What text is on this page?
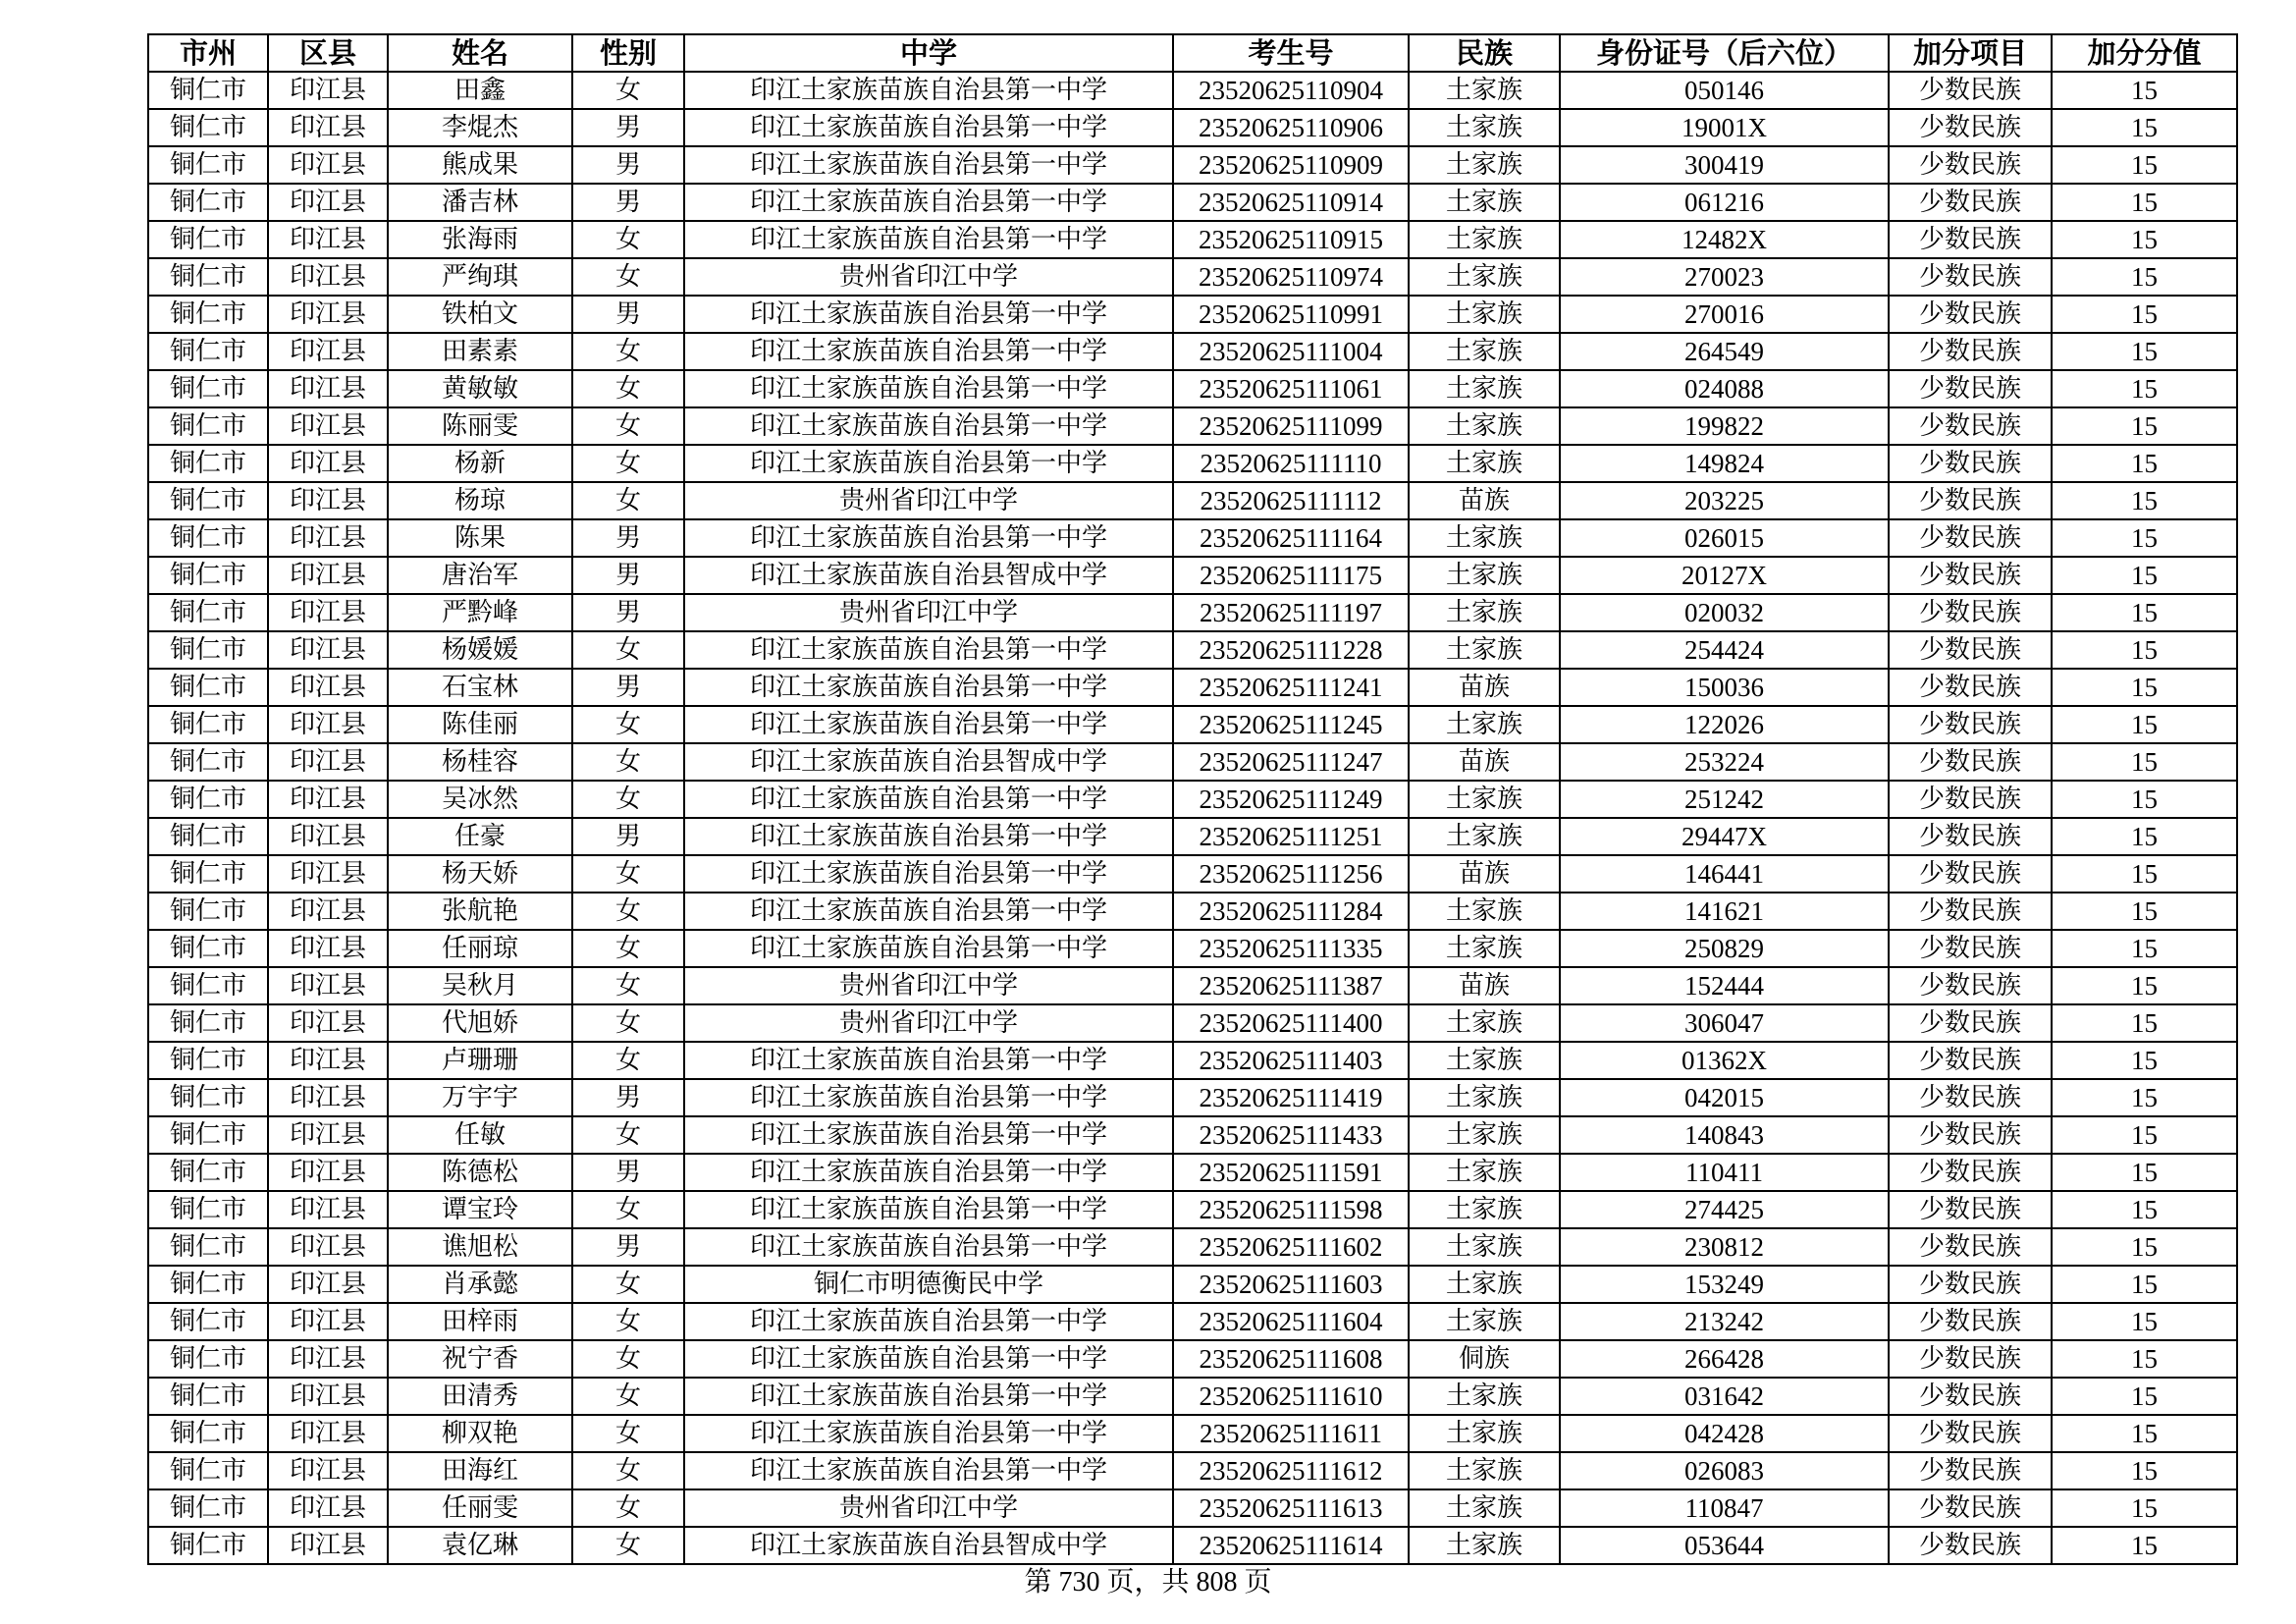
市州	区县	姓名	性别	中学	考生号	民族	身份证号（后六位）	加分项目	加分分值
铜仁市	印江县	田鑫	女	印江土家族苗族自治县第一中学	23520625110904	土家族	050146	少数民族	15
铜仁市	印江县	李焜杰	男	印江土家族苗族自治县第一中学	23520625110906	土家族	19001X	少数民族	15
铜仁市	印江县	熊成果	男	印江土家族苗族自治县第一中学	23520625110909	土家族	300419	少数民族	15
铜仁市	印江县	潘吉林	男	印江土家族苗族自治县第一中学	23520625110914	土家族	061216	少数民族	15
铜仁市	印江县	张海雨	女	印江土家族苗族自治县第一中学	23520625110915	土家族	12482X	少数民族	15
铜仁市	印江县	严绚琪	女	贵州省印江中学	23520625110974	土家族	270023	少数民族	15
铜仁市	印江县	铁柏文	男	印江土家族苗族自治县第一中学	23520625110991	土家族	270016	少数民族	15
铜仁市	印江县	田素素	女	印江土家族苗族自治县第一中学	23520625111004	土家族	264549	少数民族	15
铜仁市	印江县	黄敏敏	女	印江土家族苗族自治县第一中学	23520625111061	土家族	024088	少数民族	15
铜仁市	印江县	陈丽雯	女	印江土家族苗族自治县第一中学	23520625111099	土家族	199822	少数民族	15
铜仁市	印江县	杨新	女	印江土家族苗族自治县第一中学	23520625111110	土家族	149824	少数民族	15
铜仁市	印江县	杨琼	女	贵州省印江中学	23520625111112	苗族	203225	少数民族	15
铜仁市	印江县	陈果	男	印江土家族苗族自治县第一中学	23520625111164	土家族	026015	少数民族	15
铜仁市	印江县	唐治军	男	印江土家族苗族自治县智成中学	23520625111175	土家族	20127X	少数民族	15
铜仁市	印江县	严黔峰	男	贵州省印江中学	23520625111197	土家族	020032	少数民族	15
铜仁市	印江县	杨媛媛	女	印江土家族苗族自治县第一中学	23520625111228	土家族	254424	少数民族	15
铜仁市	印江县	石宝林	男	印江土家族苗族自治县第一中学	23520625111241	苗族	150036	少数民族	15
铜仁市	印江县	陈佳丽	女	印江土家族苗族自治县第一中学	23520625111245	土家族	122026	少数民族	15
铜仁市	印江县	杨桂容	女	印江土家族苗族自治县智成中学	23520625111247	苗族	253224	少数民族	15
铜仁市	印江县	吴冰然	女	印江土家族苗族自治县第一中学	23520625111249	土家族	251242	少数民族	15
铜仁市	印江县	任豪	男	印江土家族苗族自治县第一中学	23520625111251	土家族	29447X	少数民族	15
铜仁市	印江县	杨天娇	女	印江土家族苗族自治县第一中学	23520625111256	苗族	146441	少数民族	15
铜仁市	印江县	张航艳	女	印江土家族苗族自治县第一中学	23520625111284	土家族	141621	少数民族	15
铜仁市	印江县	任丽琼	女	印江土家族苗族自治县第一中学	23520625111335	土家族	250829	少数民族	15
铜仁市	印江县	吴秋月	女	贵州省印江中学	23520625111387	苗族	152444	少数民族	15
铜仁市	印江县	代旭娇	女	贵州省印江中学	23520625111400	土家族	306047	少数民族	15
铜仁市	印江县	卢珊珊	女	印江土家族苗族自治县第一中学	23520625111403	土家族	01362X	少数民族	15
铜仁市	印江县	万宇宇	男	印江土家族苗族自治县第一中学	23520625111419	土家族	042015	少数民族	15
铜仁市	印江县	任敏	女	印江土家族苗族自治县第一中学	23520625111433	土家族	140843	少数民族	15
铜仁市	印江县	陈德松	男	印江土家族苗族自治县第一中学	23520625111591	土家族	110411	少数民族	15
铜仁市	印江县	谭宝玲	女	印江土家族苗族自治县第一中学	23520625111598	土家族	274425	少数民族	15
铜仁市	印江县	谯旭松	男	印江土家族苗族自治县第一中学	23520625111602	土家族	230812	少数民族	15
铜仁市	印江县	肖承懿	女	铜仁市明德衡民中学	23520625111603	土家族	153249	少数民族	15
铜仁市	印江县	田梓雨	女	印江土家族苗族自治县第一中学	23520625111604	土家族	213242	少数民族	15
铜仁市	印江县	祝宁香	女	印江土家族苗族自治县第一中学	23520625111608	侗族	266428	少数民族	15
铜仁市	印江县	田清秀	女	印江土家族苗族自治县第一中学	23520625111610	土家族	031642	少数民族	15
铜仁市	印江县	柳双艳	女	印江土家族苗族自治县第一中学	23520625111611	土家族	042428	少数民族	15
铜仁市	印江县	田海红	女	印江土家族苗族自治县第一中学	23520625111612	土家族	026083	少数民族	15
铜仁市	印江县	任丽雯	女	贵州省印江中学	23520625111613	土家族	110847	少数民族	15
铜仁市	印江县	袁亿琳	女	印江土家族苗族自治县智成中学	23520625111614	土家族	053644	少数民族	15
第 730 页，共 808 页
